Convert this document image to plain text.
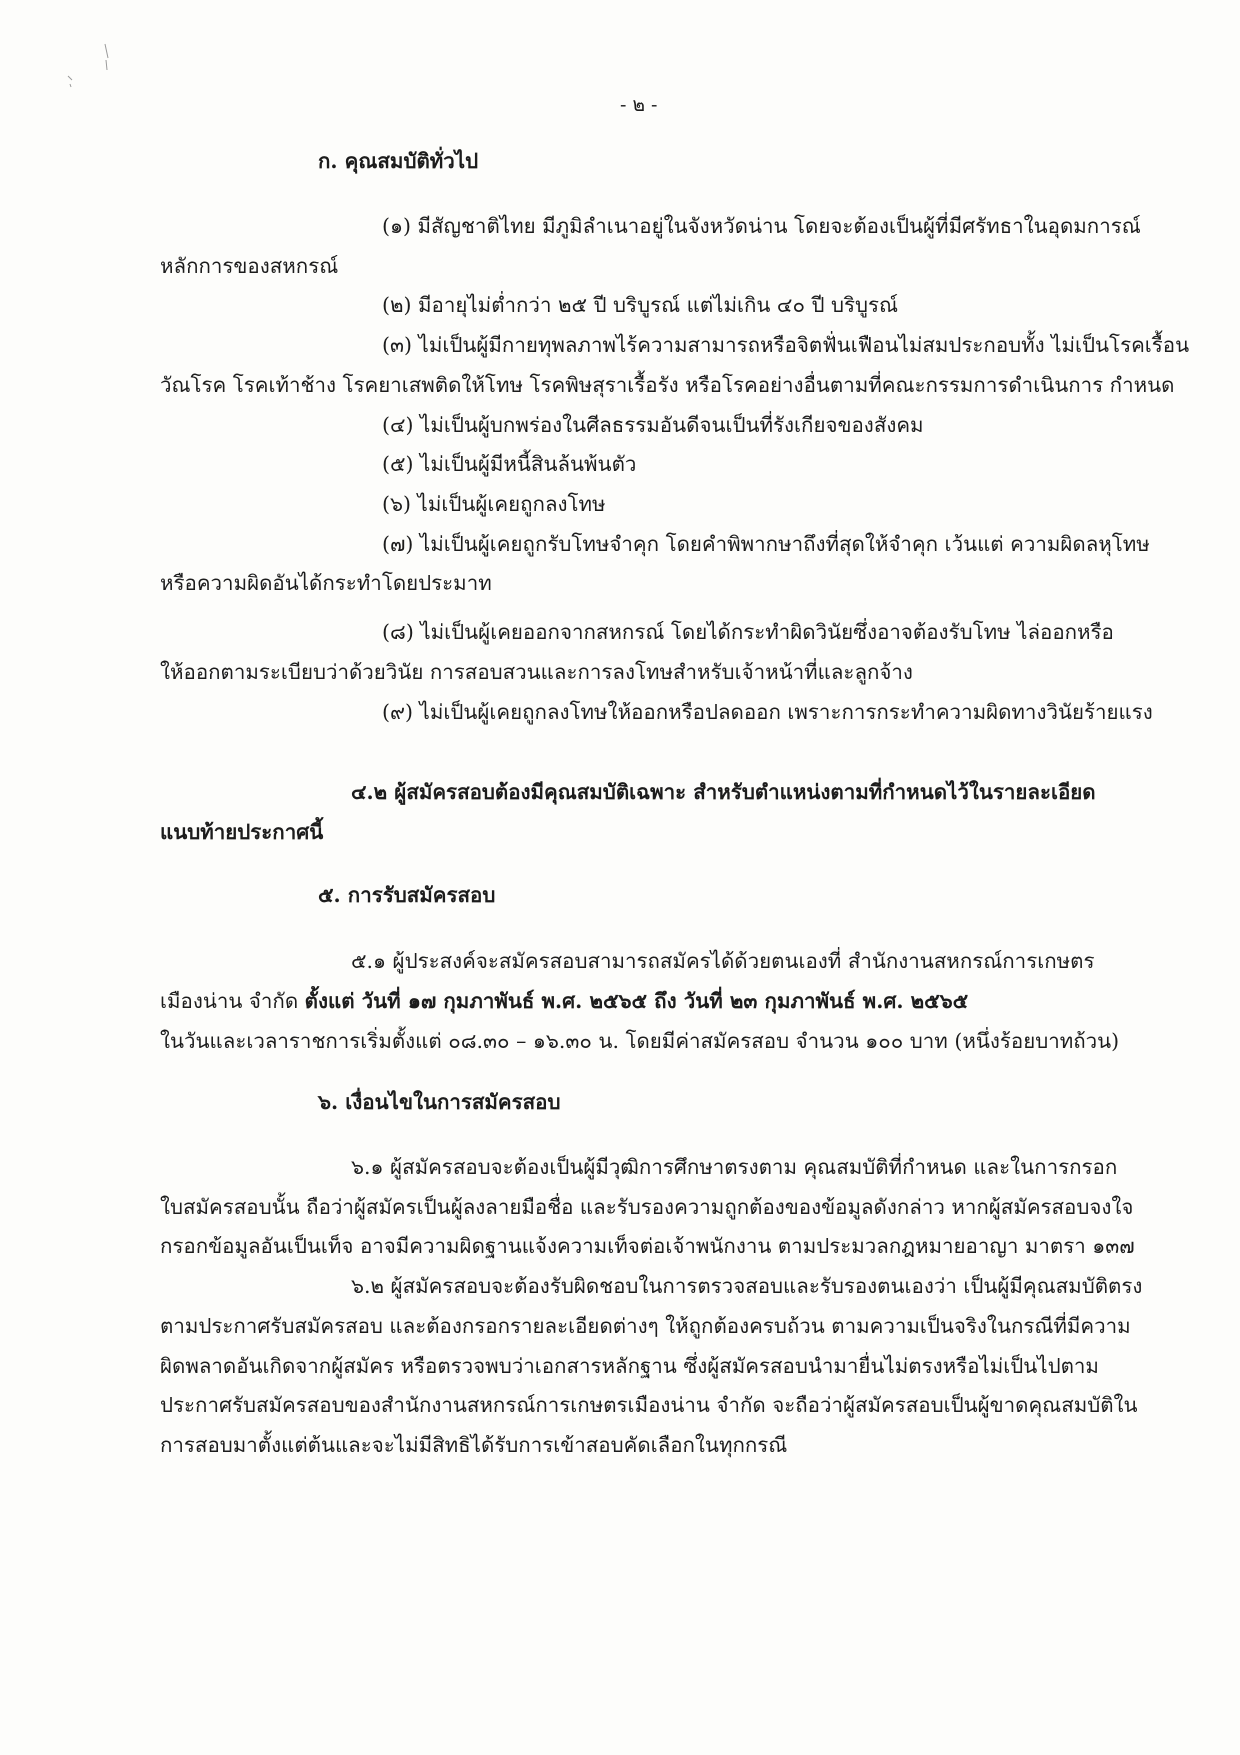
- ๒ -

ก. คุณสมบัติทั่วไป

(๑) มีสัญชาติไทย มีภูมิลำเนาอยู่ในจังหวัดน่าน โดยจะต้องเป็นผู้ที่มีศรัทธาในอุดมการณ์

หลักการของสหกรณ์

(๒) มีอายุไม่ต่ำกว่า ๒๕ ปี บริบูรณ์ แต่ไม่เกิน ๔๐ ปี บริบูรณ์

(๓) ไม่เป็นผู้มีกายทุพลภาพไร้ความสามารถหรือจิตฟั่นเฟือนไม่สมประกอบทั้ง ไม่เป็นโรคเรื้อน

วัณโรค โรคเท้าช้าง โรคยาเสพติดให้โทษ โรคพิษสุราเรื้อรัง หรือโรคอย่างอื่นตามที่คณะกรรมการดำเนินการ กำหนด

(๔) ไม่เป็นผู้บกพร่องในศีลธรรมอันดีจนเป็นที่รังเกียจของสังคม

(๕) ไม่เป็นผู้มีหนี้สินล้นพ้นตัว

(๖) ไม่เป็นผู้เคยถูกลงโทษ

(๗) ไม่เป็นผู้เคยถูกรับโทษจำคุก โดยคำพิพากษาถึงที่สุดให้จำคุก เว้นแต่ ความผิดลหุโทษ

หรือความผิดอันได้กระทำโดยประมาท

(๘) ไม่เป็นผู้เคยออกจากสหกรณ์ โดยได้กระทำผิดวินัยซึ่งอาจต้องรับโทษ ไล่ออกหรือ

ให้ออกตามระเบียบว่าด้วยวินัย การสอบสวนและการลงโทษสำหรับเจ้าหน้าที่และลูกจ้าง

(๙) ไม่เป็นผู้เคยถูกลงโทษให้ออกหรือปลดออก เพราะการกระทำความผิดทางวินัยร้ายแรง

๔.๒ ผู้สมัครสอบต้องมีคุณสมบัติเฉพาะ สำหรับตำแหน่งตามที่กำหนดไว้ในรายละเอียด

แนบท้ายประกาศนี้

๕. การรับสมัครสอบ

๕.๑ ผู้ประสงค์จะสมัครสอบสามารถสมัครได้ด้วยตนเองที่ สำนักงานสหกรณ์การเกษตร

เมืองน่าน จำกัด ตั้งแต่ วันที่ ๑๗ กุมภาพันธ์ พ.ศ. ๒๕๖๕ ถึง วันที่ ๒๓ กุมภาพันธ์ พ.ศ. ๒๕๖๕

ในวันและเวลาราชการเริ่มตั้งแต่ ๐๘.๓๐ – ๑๖.๓๐ น. โดยมีค่าสมัครสอบ จำนวน ๑๐๐ บาท (หนึ่งร้อยบาทถ้วน)

๖. เงื่อนไขในการสมัครสอบ

๖.๑ ผู้สมัครสอบจะต้องเป็นผู้มีวุฒิการศึกษาตรงตาม คุณสมบัติที่กำหนด และในการกรอก

ใบสมัครสอบนั้น ถือว่าผู้สมัครเป็นผู้ลงลายมือชื่อ และรับรองความถูกต้องของข้อมูลดังกล่าว หากผู้สมัครสอบจงใจ

กรอกข้อมูลอันเป็นเท็จ อาจมีความผิดฐานแจ้งความเท็จต่อเจ้าพนักงาน ตามประมวลกฎหมายอาญา มาตรา ๑๓๗

๖.๒ ผู้สมัครสอบจะต้องรับผิดชอบในการตรวจสอบและรับรองตนเองว่า เป็นผู้มีคุณสมบัติตรง

ตามประกาศรับสมัครสอบ และต้องกรอกรายละเอียดต่างๆ ให้ถูกต้องครบถ้วน ตามความเป็นจริงในกรณีที่มีความ

ผิดพลาดอันเกิดจากผู้สมัคร หรือตรวจพบว่าเอกสารหลักฐาน ซึ่งผู้สมัครสอบนำมายื่นไม่ตรงหรือไม่เป็นไปตาม

ประกาศรับสมัครสอบของสำนักงานสหกรณ์การเกษตรเมืองน่าน จำกัด จะถือว่าผู้สมัครสอบเป็นผู้ขาดคุณสมบัติใน

การสอบมาตั้งแต่ต้นและจะไม่มีสิทธิได้รับการเข้าสอบคัดเลือกในทุกกรณี
